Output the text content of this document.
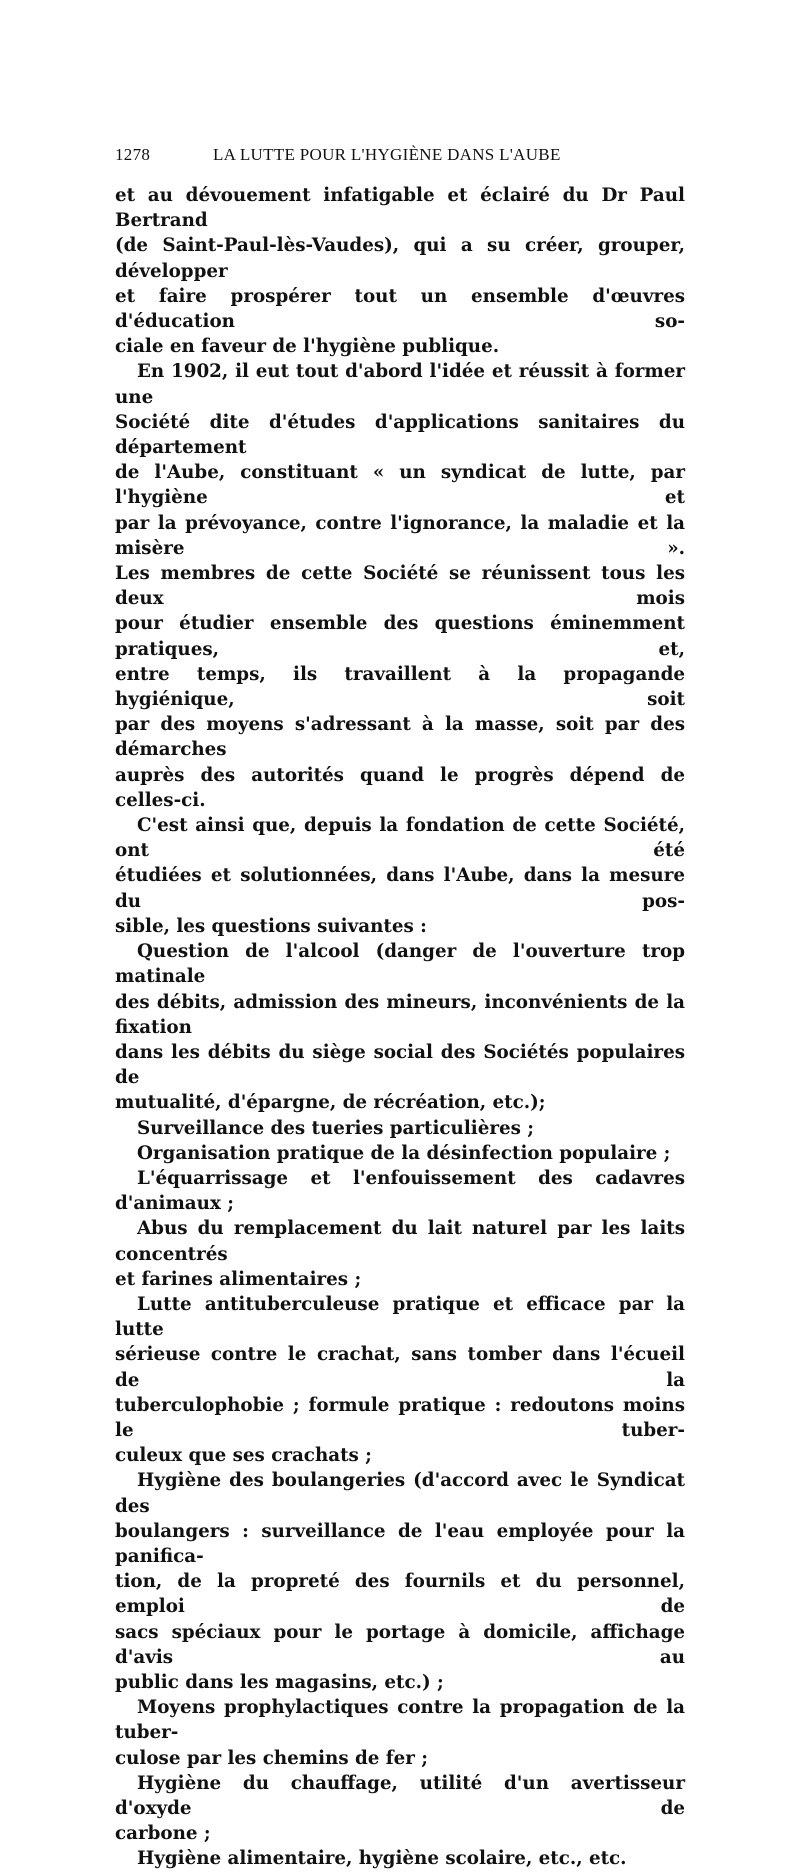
1278	LA LUTTE POUR L'HYGIÈNE DANS L'AUBE
et au dévouement infatigable et éclairé du Dr Paul Bertrand
(de Saint-Paul-lès-Vaudes), qui a su créer, grouper, développer
et faire prospérer tout un ensemble d'œuvres d'éducation so-
ciale en faveur de l'hygiène publique.
En 1902, il eut tout d'abord l'idée et réussit à former une
Société dite d'études d'applications sanitaires du département
de l'Aube, constituant « un syndicat de lutte, par l'hygiène et
par la prévoyance, contre l'ignorance, la maladie et la misère ».
Les membres de cette Société se réunissent tous les deux mois
pour étudier ensemble des questions éminemment pratiques, et,
entre temps, ils travaillent à la propagande hygiénique, soit
par des moyens s'adressant à la masse, soit par des démarches
auprès des autorités quand le progrès dépend de celles-ci.
C'est ainsi que, depuis la fondation de cette Société, ont été
étudiées et solutionnées, dans l'Aube, dans la mesure du pos-
sible, les questions suivantes :
Question de l'alcool (danger de l'ouverture trop matinale
des débits, admission des mineurs, inconvénients de la fixation
dans les débits du siège social des Sociétés populaires de
mutualité, d'épargne, de récréation, etc.);
Surveillance des tueries particulières ;
Organisation pratique de la désinfection populaire ;
L'équarrissage et l'enfouissement des cadavres d'animaux ;
Abus du remplacement du lait naturel par les laits concentrés
et farines alimentaires ;
Lutte antituberculeuse pratique et efficace par la lutte
sérieuse contre le crachat, sans tomber dans l'écueil de la
tuberculophobie ; formule pratique : redoutons moins le tuber-
culeux que ses crachats ;
Hygiène des boulangeries (d'accord avec le Syndicat des
boulangers : surveillance de l'eau employée pour la panifica-
tion, de la propreté des fournils et du personnel, emploi de
sacs spéciaux pour le portage à domicile, affichage d'avis au
public dans les magasins, etc.) ;
Moyens prophylactiques contre la propagation de la tuber-
culose par les chemins de fer ;
Hygiène du chauffage, utilité d'un avertisseur d'oxyde de
carbone ;
Hygiène alimentaire, hygiène scolaire, etc., etc.
